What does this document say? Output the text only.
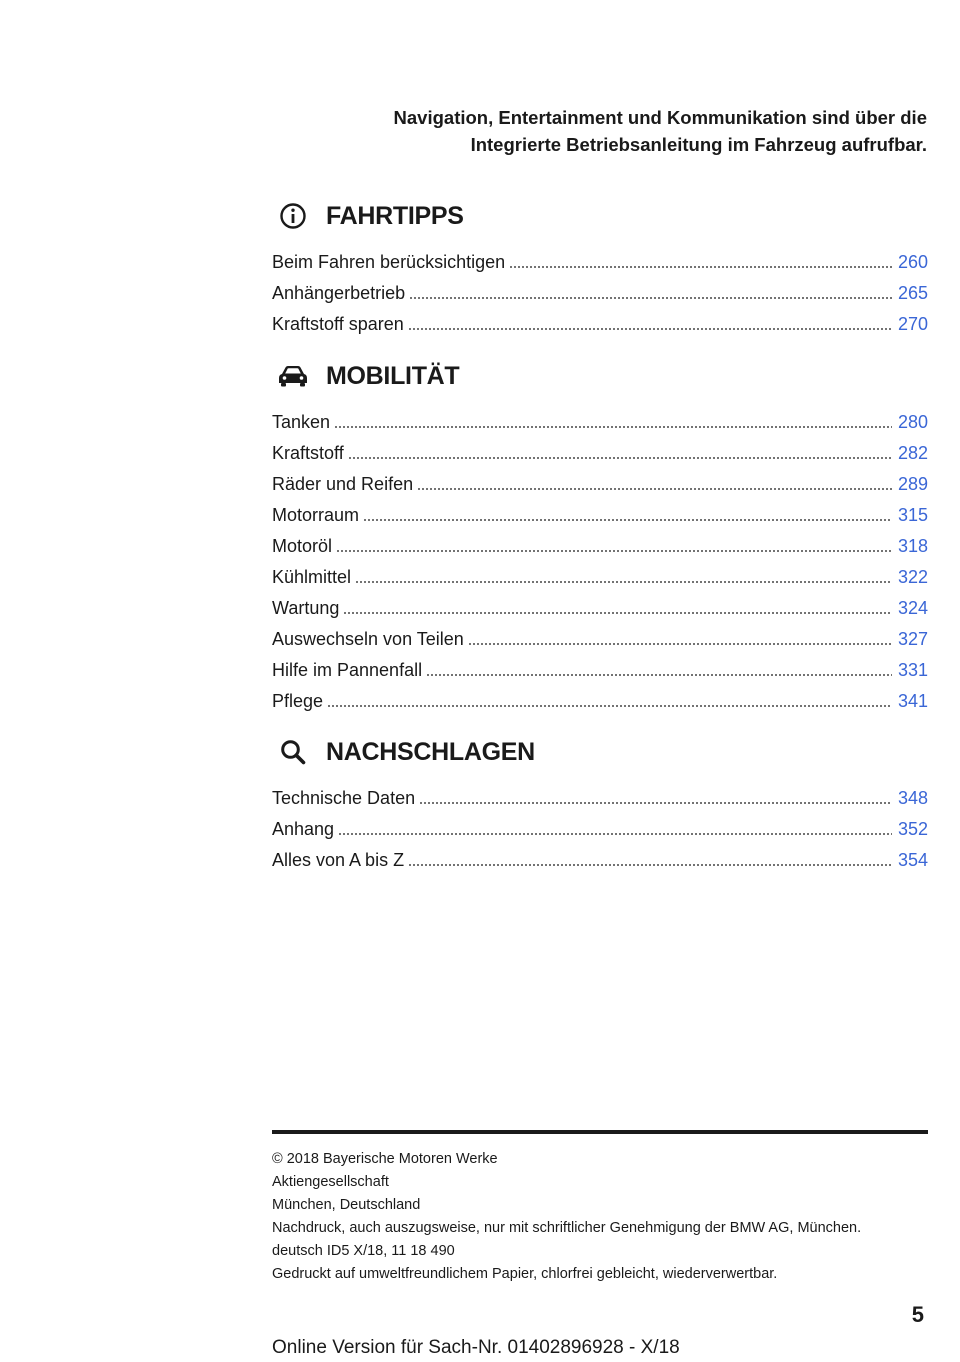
Navigation, Entertainment und Kommunikation sind über die
Integrierte Betriebsanleitung im Fahrzeug aufrufbar.
FAHRTIPPS
Beim Fahren berücksichtigen	260
Anhängerbetrieb	265
Kraftstoff sparen	270
MOBILITÄT
Tanken	280
Kraftstoff	282
Räder und Reifen	289
Motorraum	315
Motoröl	318
Kühlmittel	322
Wartung	324
Auswechseln von Teilen	327
Hilfe im Pannenfall	331
Pflege	341
NACHSCHLAGEN
Technische Daten	348
Anhang	352
Alles von A bis Z	354
© 2018 Bayerische Motoren Werke
Aktiengesellschaft
München, Deutschland
Nachdruck, auch auszugsweise, nur mit schriftlicher Genehmigung der BMW AG, München.
deutsch ID5 X/18, 11 18 490
Gedruckt auf umweltfreundlichem Papier, chlorfrei gebleicht, wiederverwertbar.
5
Online Version für Sach-Nr. 01402896928 - X/18
